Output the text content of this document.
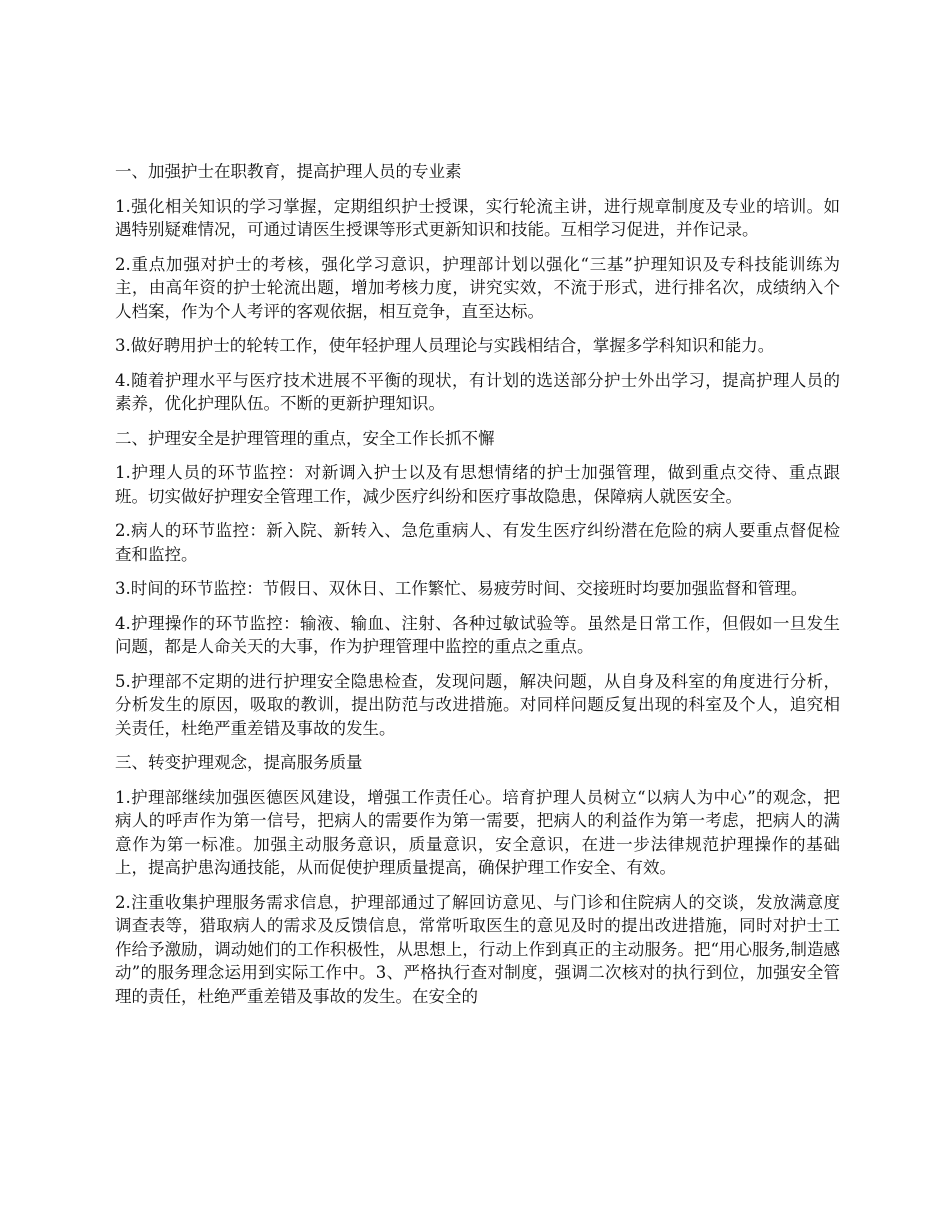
一、加强护士在职教育，提高护理人员的专业素

1.强化相关知识的学习掌握，定期组织护士授课，实行轮流主讲，进行规章制度及专业的培训。如遇特别疑难情况，可通过请医生授课等形式更新知识和技能。互相学习促进，并作记录。

2.重点加强对护士的考核，强化学习意识，护理部计划以强化“三基”护理知识及专科技能训练为主，由高年资的护士轮流出题，增加考核力度，讲究实效，不流于形式，进行排名次，成绩纳入个人档案，作为个人考评的客观依据，相互竞争，直至达标。

3.做好聘用护士的轮转工作，使年轻护理人员理论与实践相结合，掌握多学科知识和能力。

4.随着护理水平与医疗技术进展不平衡的现状，有计划的选送部分护士外出学习，提高护理人员的素养，优化护理队伍。不断的更新护理知识。

二、护理安全是护理管理的重点，安全工作长抓不懈

1.护理人员的环节监控：对新调入护士以及有思想情绪的护士加强管理，做到重点交待、重点跟班。切实做好护理安全管理工作，减少医疗纠纷和医疗事故隐患，保障病人就医安全。

2.病人的环节监控：新入院、新转入、急危重病人、有发生医疗纠纷潜在危险的病人要重点督促检查和监控。

3.时间的环节监控：节假日、双休日、工作繁忙、易疲劳时间、交接班时均要加强监督和管理。

4.护理操作的环节监控：输液、输血、注射、各种过敏试验等。虽然是日常工作，但假如一旦发生问题，都是人命关天的大事，作为护理管理中监控的重点之重点。

5.护理部不定期的进行护理安全隐患检查，发现问题，解决问题，从自身及科室的角度进行分析，分析发生的原因，吸取的教训，提出防范与改进措施。对同样问题反复出现的科室及个人，追究相关责任，杜绝严重差错及事故的发生。

三、转变护理观念，提高服务质量

1.护理部继续加强医德医风建设，增强工作责任心。培育护理人员树立“以病人为中心”的观念，把病人的呼声作为第一信号，把病人的需要作为第一需要，把病人的利益作为第一考虑，把病人的满意作为第一标准。加强主动服务意识，质量意识，安全意识，在进一步法律规范护理操作的基础上，提高护患沟通技能，从而促使护理质量提高，确保护理工作安全、有效。

2.注重收集护理服务需求信息，护理部通过了解回访意见、与门诊和住院病人的交谈，发放满意度调查表等，猎取病人的需求及反馈信息，常常听取医生的意见及时的提出改进措施，同时对护士工作给予激励，调动她们的工作积极性，从思想上，行动上作到真正的主动服务。把“用心服务,制造感动”的服务理念运用到实际工作中。3、严格执行查对制度，强调二次核对的执行到位，加强安全管理的责任，杜绝严重差错及事故的发生。在安全的
